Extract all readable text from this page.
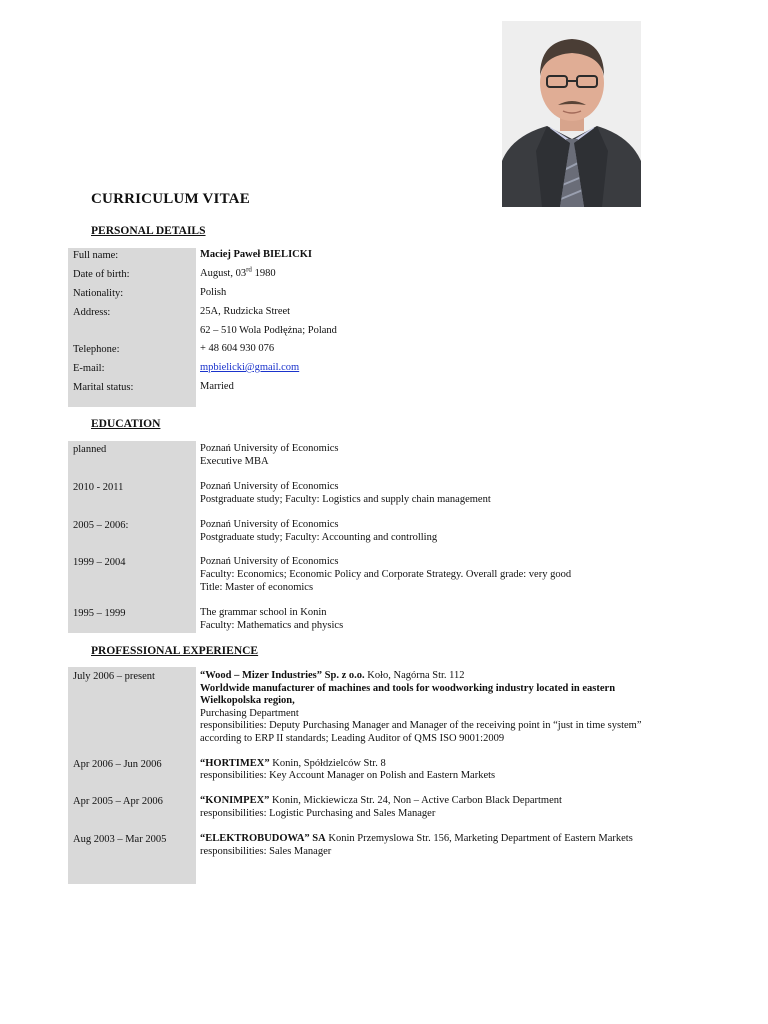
CURRICULUM VITAE
PERSONAL DETAILS
Full name:	Maciej Paweł BIELICKI
Date of birth:	August, 03rd 1980
Nationality:	Polish
Address:	25A, Rudzicka Street
62 – 510 Wola Podłężna; Poland
Telephone:	+ 48 604 930 076
E-mail:	mpbielicki@gmail.com
Marital status:	Married
EDUCATION
planned	Poznań University of Economics
Executive MBA
2010 - 2011	Poznań University of Economics
Postgraduate study; Faculty: Logistics and supply chain management
2005 – 2006:	Poznań University of Economics
Postgraduate study; Faculty: Accounting and controlling
1999 – 2004	Poznań University of Economics
Faculty: Economics; Economic Policy and Corporate Strategy. Overall grade: very good
Title: Master of economics
1995 – 1999	The grammar school in Konin
Faculty: Mathematics and physics
PROFESSIONAL EXPERIENCE
July 2006 – present	“Wood – Mizer Industries” Sp. z o.o. Koło, Nagórna Str. 112
Worldwide manufacturer of machines and tools for woodworking industry located in eastern
Wielkopolska region,
Purchasing Department
responsibilities: Deputy Purchasing Manager and Manager of the receiving point in “just in time system”
according to ERP II standards; Leading Auditor of QMS ISO 9001:2009
Apr 2006 – Jun 2006	“HORTIMEX” Konin, Spółdzielców Str. 8
responsibilities: Key Account Manager on Polish and Eastern Markets
Apr 2005 – Apr 2006	“KONIMPEX” Konin, Mickiewicza Str. 24, Non – Active Carbon Black Department
responsibilities: Logistic Purchasing and Sales Manager
Aug 2003 – Mar 2005	“ELEKTROBUDOWA” SA Konin Przemyslowa Str. 156, Marketing Department of Eastern Markets
responsibilities: Sales Manager
